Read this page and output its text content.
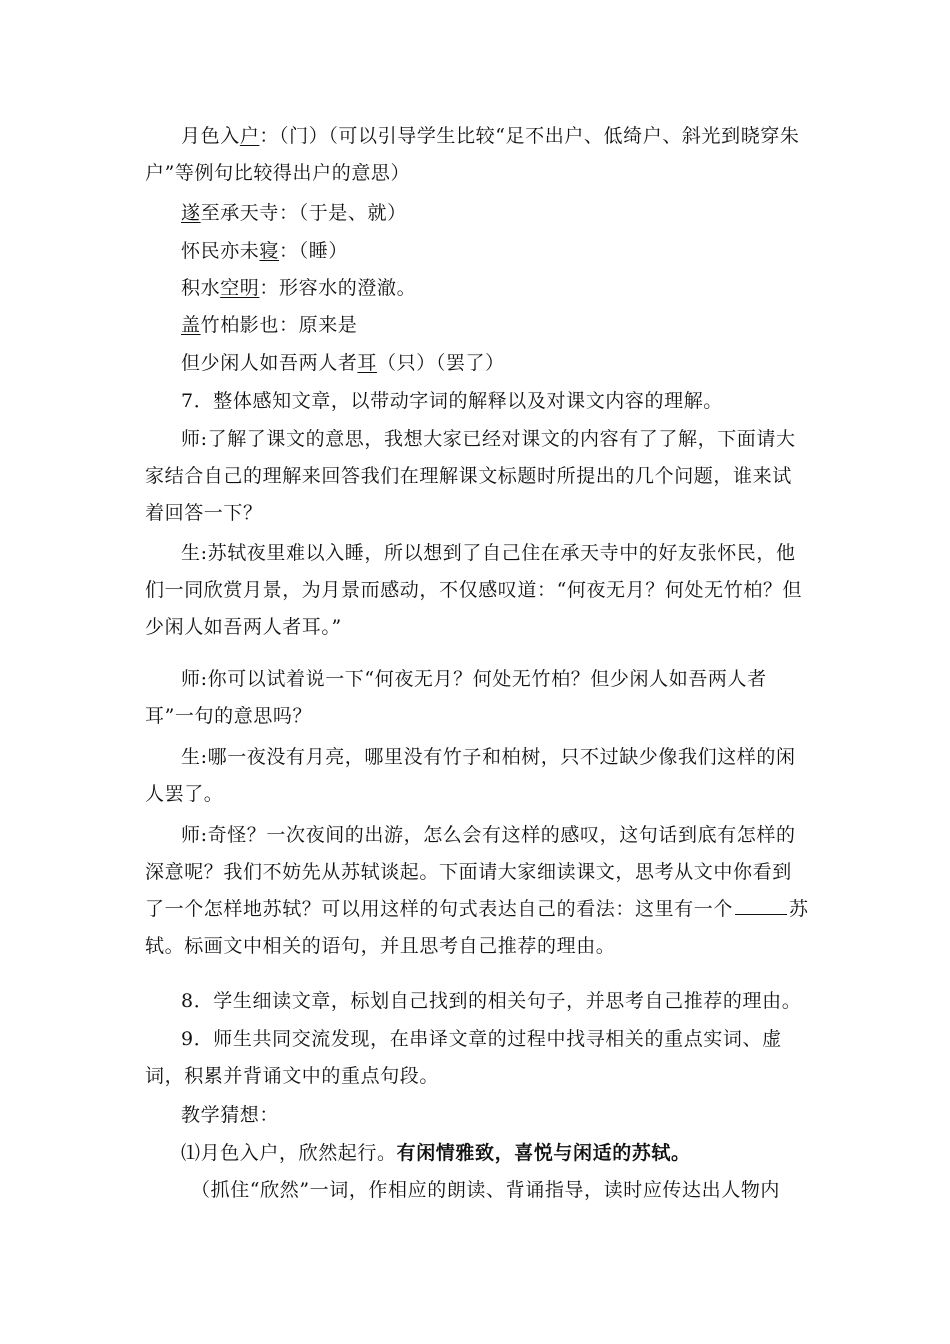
月色入户：（门）（可以引导学生比较“足不出户、低绮户、斜光到晓穿朱户”等例句比较得出户的意思）

遂至承天寺：（于是、就）

怀民亦未寝：（睡）

积水空明：形容水的澄澈。

盖竹柏影也：原来是

但少闲人如吾两人者耳（只）（罢了）

7．整体感知文章，以带动字词的解释以及对课文内容的理解。

师:了解了课文的意思，我想大家已经对课文的内容有了了解，下面请大家结合自己的理解来回答我们在理解课文标题时所提出的几个问题，谁来试着回答一下？

生:苏轼夜里难以入睡，所以想到了自己住在承天寺中的好友张怀民，他们一同欣赏月景，为月景而感动，不仅感叹道：“何夜无月？何处无竹柏？但少闲人如吾两人者耳。”

师:你可以试着说一下“何夜无月？何处无竹柏？但少闲人如吾两人者耳”一句的意思吗？

生:哪一夜没有月亮，哪里没有竹子和柏树，只不过缺少像我们这样的闲人罢了。

师:奇怪？一次夜间的出游，怎么会有这样的感叹，这句话到底有怎样的深意呢？我们不妨先从苏轼谈起。下面请大家细读课文，思考从文中你看到了一个怎样地苏轼？可以用这样的句式表达自己的看法：这里有一个	苏轼。标画文中相关的语句，并且思考自己推荐的理由。

8．学生细读文章，标划自己找到的相关句子，并思考自己推荐的理由。

9．师生共同交流发现，在串译文章的过程中找寻相关的重点实词、虚词，积累并背诵文中的重点句段。

教学猜想：

⑴月色入户，欣然起行。有闲情雅致，喜悦与闲适的苏轼。

（抓住“欣然”一词，作相应的朗读、背诵指导，读时应传达出人物内
